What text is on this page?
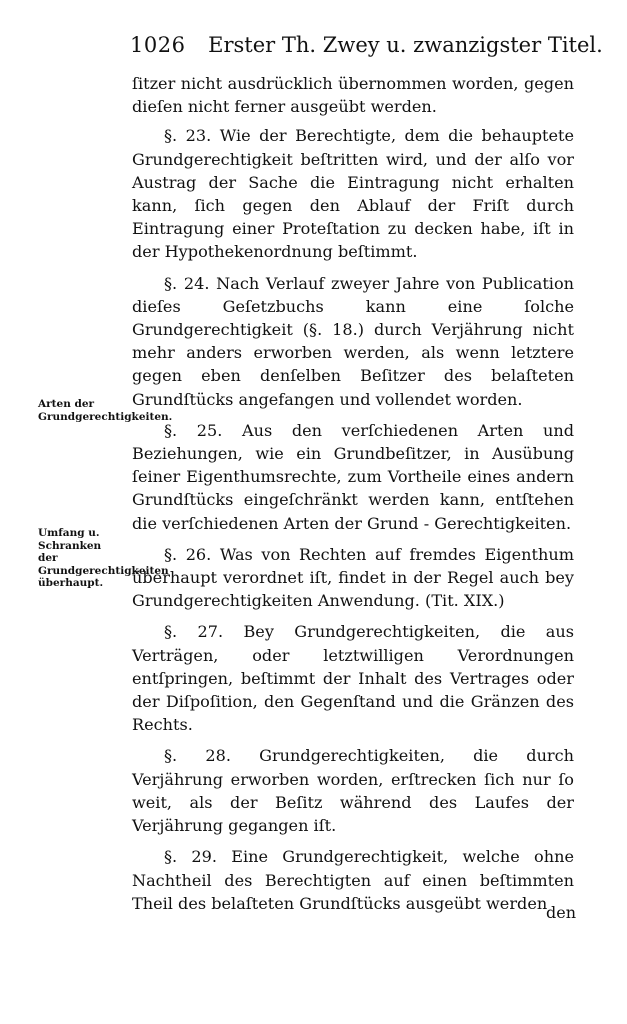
1026 Erster Th. Zwey u. zwanzigster Titel.

ſitzer nicht ausdrücklich übernommen worden, gegen dieſen nicht ferner ausgeübt werden.

§. 23. Wie der Berechtigte, dem die behauptete Grundgerechtigkeit beſtritten wird, und der alſo vor Austrag der Sache die Eintragung nicht erhalten kann, ſich gegen den Ablauf der Friſt durch Eintragung einer Proteſtation zu decken habe, iſt in der Hypothekenordnung beſtimmt.

§. 24. Nach Verlauf zweyer Jahre von Publication dieſes Geſetzbuchs kann eine ſolche Grundgerechtigkeit (§. 18.) durch Verjährung nicht mehr anders erworben werden, als wenn letztere gegen eben denſelben Beſitzer des belaſteten Grundſtücks angefangen und vollendet worden.

§. 25. Aus den verſchiedenen Arten und Beziehungen, wie ein Grundbeſitzer, in Ausübung ſeiner Eigenthumsrechte, zum Vortheile eines andern Grundſtücks eingeſchränkt werden kann, entſtehen die verſchiedenen Arten der Grund - Gerechtigkeiten.

§. 26. Was von Rechten auf fremdes Eigenthum überhaupt verordnet iſt, findet in der Regel auch bey Grundgerechtigkeiten Anwendung. (Tit. XIX.)

§. 27. Bey Grundgerechtigkeiten, die aus Verträgen, oder letztwilligen Verordnungen entſpringen, beſtimmt der Inhalt des Vertrages oder der Diſpoſition, den Gegenſtand und die Gränzen des Rechts.

§. 28. Grundgerechtigkeiten, die durch Verjährung erworben worden, erſtrecken ſich nur ſo weit, als der Beſitz während des Laufes der Verjährung gegangen iſt.

§. 29. Eine Grundgerechtigkeit, welche ohne Nachtheil des Berechtigten auf einen beſtimmten Theil des belaſteten Grundſtücks ausgeübt werden

Arten der Grundgerechtigkeiten.
Umfang u. Schranken der Grundgerechtigkeiten überhaupt.
den
